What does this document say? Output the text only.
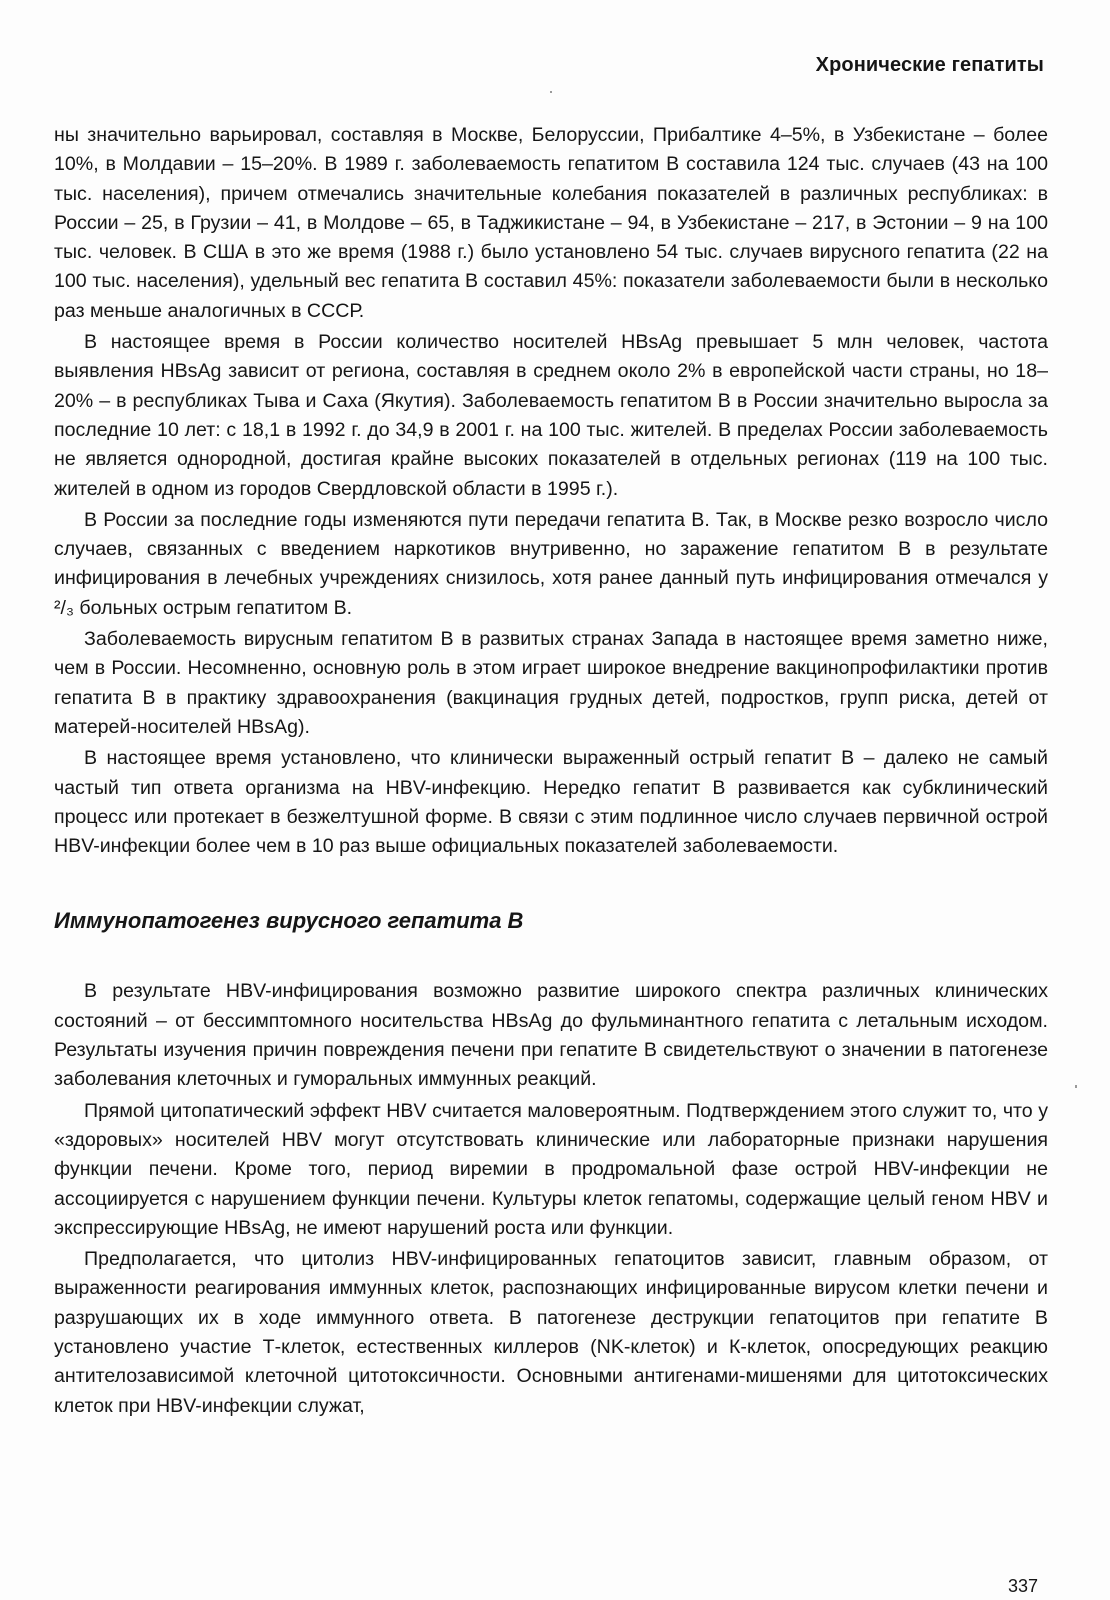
Хронические гепатиты

ны значительно варьировал, составляя в Москве, Белоруссии, Прибалтике 4–5%, в Узбекистане – более 10%, в Молдавии – 15–20%. В 1989 г. заболеваемость гепатитом В составила 124 тыс. случаев (43 на 100 тыс. населения), причем отмечались значительные колебания показателей в различных республиках: в России – 25, в Грузии – 41, в Молдове – 65, в Таджикистане – 94, в Узбекистане – 217, в Эстонии – 9 на 100 тыс. человек. В США в это же время (1988 г.) было установлено 54 тыс. случаев вирусного гепатита (22 на 100 тыс. населения), удельный вес гепатита В составил 45%: показатели заболеваемости были в несколько раз меньше аналогичных в СССР.

В настоящее время в России количество носителей HBsAg превышает 5 млн человек, частота выявления HBsAg зависит от региона, составляя в среднем около 2% в европейской части страны, но 18–20% – в республиках Тыва и Саха (Якутия). Заболеваемость гепатитом В в России значительно выросла за последние 10 лет: с 18,1 в 1992 г. до 34,9 в 2001 г. на 100 тыс. жителей. В пределах России заболеваемость не является однородной, достигая крайне высоких показателей в отдельных регионах (119 на 100 тыс. жителей в одном из городов Свердловской области в 1995 г.).

В России за последние годы изменяются пути передачи гепатита В. Так, в Москве резко возросло число случаев, связанных с введением наркотиков внутривенно, но заражение гепатитом В в результате инфицирования в лечебных учреждениях снизилось, хотя ранее данный путь инфицирования отмечался у ²/₃ больных острым гепатитом В.

Заболеваемость вирусным гепатитом В в развитых странах Запада в настоящее время заметно ниже, чем в России. Несомненно, основную роль в этом играет широкое внедрение вакцинопрофилактики против гепатита В в практику здравоохранения (вакцинация грудных детей, подростков, групп риска, детей от матерей-носителей HBsAg).

В настоящее время установлено, что клинически выраженный острый гепатит В – далеко не самый частый тип ответа организма на HBV-инфекцию. Нередко гепатит В развивается как субклинический процесс или протекает в безжелтушной форме. В связи с этим подлинное число случаев первичной острой HBV-инфекции более чем в 10 раз выше официальных показателей заболеваемости.

Иммунопатогенез вирусного гепатита В

В результате HBV-инфицирования возможно развитие широкого спектра различных клинических состояний – от бессимптомного носительства HBsAg до фульминантного гепатита с летальным исходом. Результаты изучения причин повреждения печени при гепатите В свидетельствуют о значении в патогенезе заболевания клеточных и гуморальных иммунных реакций.

Прямой цитопатический эффект HBV считается маловероятным. Подтверждением этого служит то, что у «здоровых» носителей HBV могут отсутствовать клинические или лабораторные признаки нарушения функции печени. Кроме того, период виремии в продромальной фазе острой HBV-инфекции не ассоциируется с нарушением функции печени. Культуры клеток гепатомы, содержащие целый геном HBV и экспрессирующие HBsAg, не имеют нарушений роста или функции.

Предполагается, что цитолиз HBV-инфицированных гепатоцитов зависит, главным образом, от выраженности реагирования иммунных клеток, распознающих инфицированные вирусом клетки печени и разрушающих их в ходе иммунного ответа. В патогенезе деструкции гепатоцитов при гепатите В установлено участие Т-клеток, естественных киллеров (NK-клеток) и К-клеток, опосредующих реакцию антителозависимой клеточной цитотоксичности. Основными антигенами-мишенями для цитотоксических клеток при HBV-инфекции служат,

337
